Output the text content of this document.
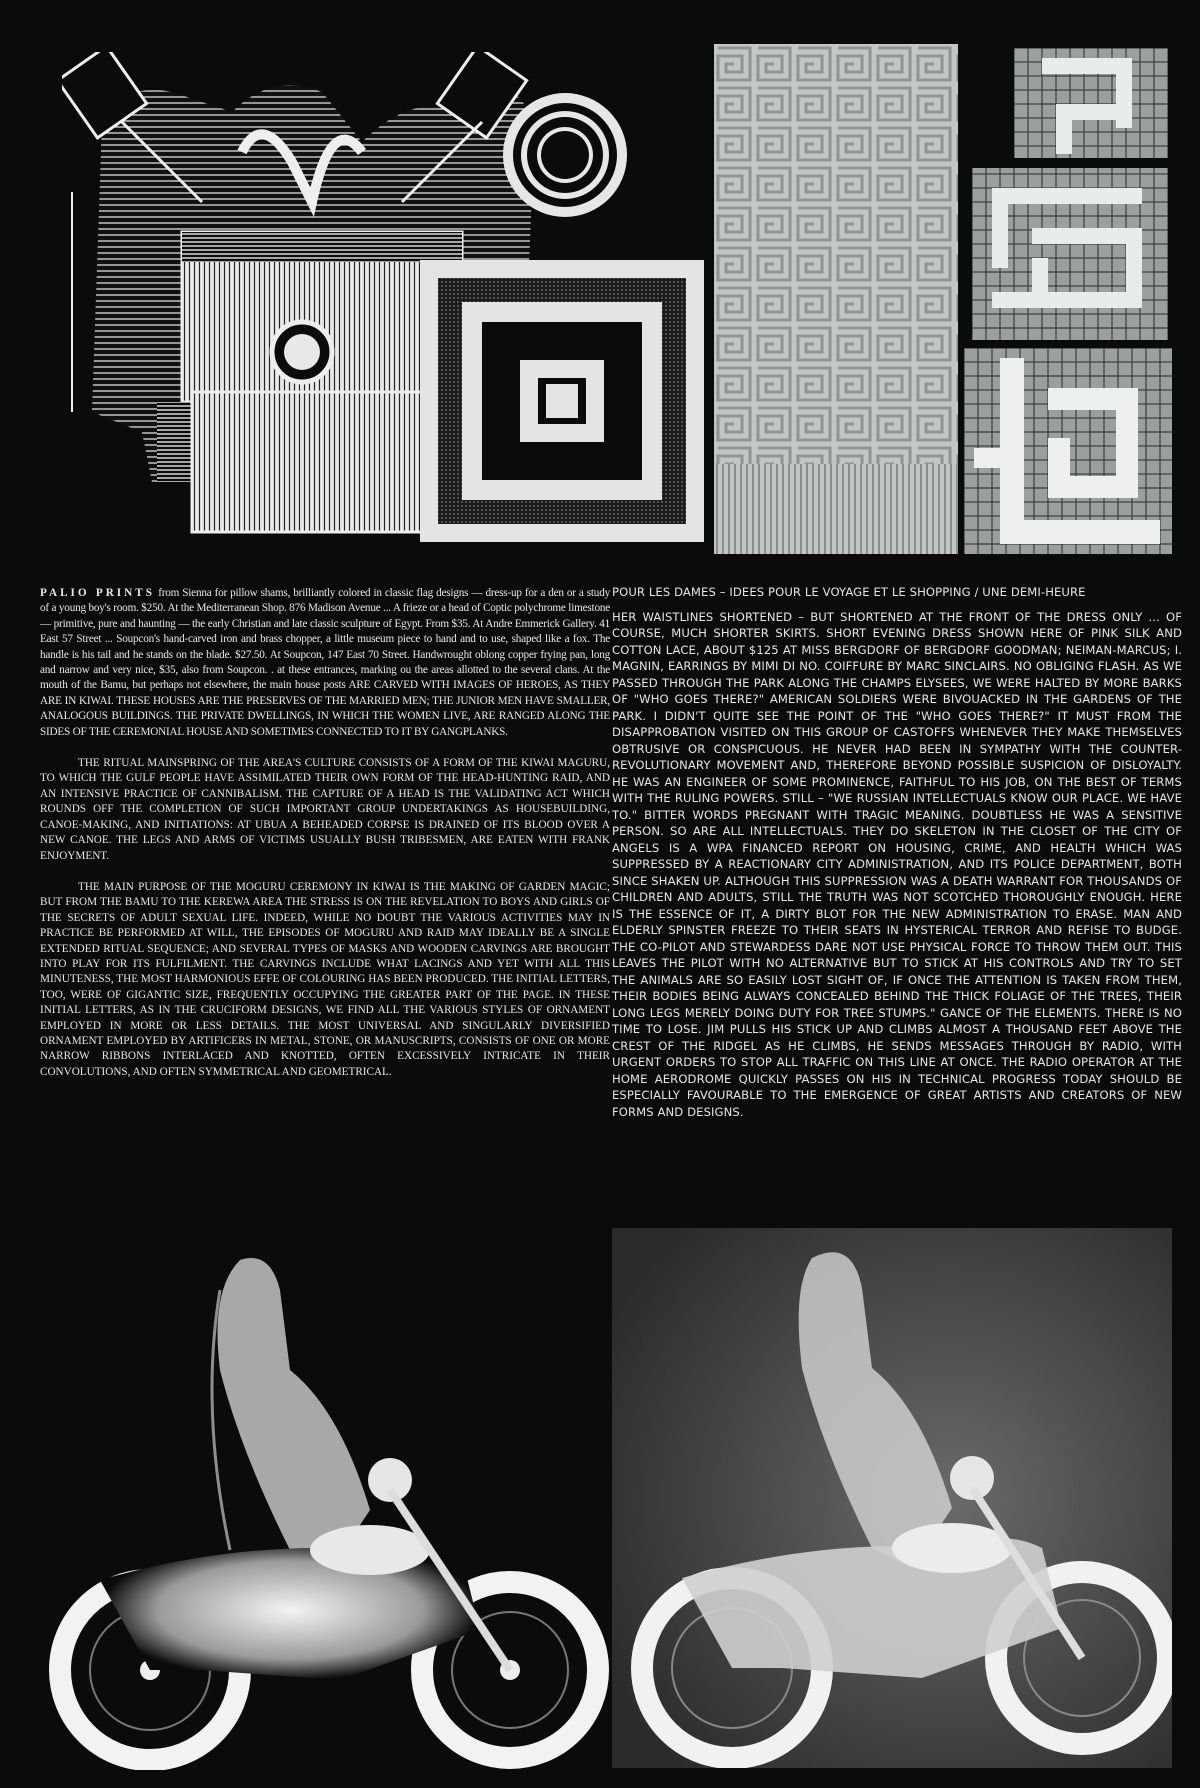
PALIO PRINTS from Sienna for pillow shams, brilliantly colored in classic flag designs — dress-up for a den or a study of a young boy's room. $250. At the Mediterranean Shop. 876 Madison Avenue ... A frieze or a head of Coptic polychrome limestone — primitive, pure and haunting — the early Christian and late classic sculpture of Egypt. From $35. At Andre Emmerick Gallery. 41 East 57 Street ... Soupcon's hand-carved iron and brass chopper, a little museum piece to hand and to use, shaped like a fox. The handle is his tail and he stands on the blade. $27.50. At Soupcon, 147 East 70 Street. Handwrought oblong copper frying pan, long and narrow and very nice, $35, also from Soupcon. . at these entrances, marking ou the areas allotted to the several clans. At the mouth of the Bamu, but perhaps not elsewhere, the main house posts ARE CARVED WITH IMAGES OF HEROES, AS THEY ARE IN KIWAI. THESE HOUSES ARE THE PRESERVES OF THE MARRIED MEN; THE JUNIOR MEN HAVE SMALLER, ANALOGOUS BUILDINGS. THE PRIVATE DWELLINGS, IN WHICH THE WOMEN LIVE, ARE RANGED ALONG THE SIDES OF THE CEREMONIAL HOUSE AND SOMETIMES CONNECTED TO IT BY GANGPLANKS.

THE RITUAL MAINSPRING OF THE AREA'S CULTURE CONSISTS OF A FORM OF THE KIWAI MAGURU, TO WHICH THE GULF PEOPLE HAVE ASSIMILATED THEIR OWN FORM OF THE HEAD-HUNTING RAID, AND AN INTENSIVE PRACTICE OF CANNIBALISM. THE CAPTURE OF A HEAD IS THE VALIDATING ACT WHICH ROUNDS OFF THE COMPLETION OF SUCH IMPORTANT GROUP UNDERTAKINGS AS HOUSEBUILDING, CANOE-MAKING, AND INITIATIONS: AT UBUA A BEHEADED CORPSE IS DRAINED OF ITS BLOOD OVER A NEW CANOE. THE LEGS AND ARMS OF VICTIMS USUALLY BUSH TRIBESMEN, ARE EATEN WITH FRANK ENJOYMENT.

THE MAIN PURPOSE OF THE MOGURU CEREMONY IN KIWAI IS THE MAKING OF GARDEN MAGIC; BUT FROM THE BAMU TO THE KEREWA AREA THE STRESS IS ON THE REVELATION TO BOYS AND GIRLS OF THE SECRETS OF ADULT SEXUAL LIFE. INDEED, WHILE NO DOUBT THE VARIOUS ACTIVITIES MAY IN PRACTICE BE PERFORMED AT WILL, THE EPISODES OF MOGURU AND RAID MAY IDEALLY BE A SINGLE EXTENDED RITUAL SEQUENCE; AND SEVERAL TYPES OF MASKS AND WOODEN CARVINGS ARE BROUGHT INTO PLAY FOR ITS FULFILMENT. THE CARVINGS INCLUDE WHAT LACINGS AND YET WITH ALL THIS MINUTENESS, THE MOST HARMONIOUS EFFE OF COLOURING HAS BEEN PRODUCED. THE INITIAL LETTERS, TOO, WERE OF GIGANTIC SIZE, FREQUENTLY OCCUPYING THE GREATER PART OF THE PAGE. IN THESE INITIAL LETTERS, AS IN THE CRUCIFORM DESIGNS, WE FIND ALL THE VARIOUS STYLES OF ORNAMENT EMPLOYED IN MORE OR LESS DETAILS. THE MOST UNIVERSAL AND SINGULARLY DIVERSIFIED ORNAMENT EMPLOYED BY ARTIFICERS IN METAL, STONE, OR MANUSCRIPTS, CONSISTS OF ONE OR MORE NARROW RIBBONS INTERLACED AND KNOTTED, OFTEN EXCESSIVELY INTRICATE IN THEIR CONVOLUTIONS, AND OFTEN SYMMETRICAL AND GEOMETRICAL.

POUR LES DAMES – IDEES POUR LE VOYAGE ET LE SHOPPING / UNE DEMI-HEURE

HER WAISTLINES SHORTENED – BUT SHORTENED AT THE FRONT OF THE DRESS ONLY ... OF COURSE, MUCH SHORTER SKIRTS. SHORT EVENING DRESS SHOWN HERE OF PINK SILK AND COTTON LACE, ABOUT $125 AT MISS BERGDORF OF BERGDORF GOODMAN; NEIMAN-MARCUS; I. MAGNIN, EARRINGS BY MIMI DI NO. COIFFURE BY MARC SINCLAIRS. NO OBLIGING FLASH. AS WE PASSED THROUGH THE PARK ALONG THE CHAMPS ELYSEES, WE WERE HALTED BY MORE BARKS OF "WHO GOES THERE?" AMERICAN SOLDIERS WERE BIVOUACKED IN THE GARDENS OF THE PARK. I DIDN'T QUITE SEE THE POINT OF THE "WHO GOES THERE?" IT MUST FROM THE DISAPPROBATION VISITED ON THIS GROUP OF CASTOFFS WHENEVER THEY MAKE THEMSELVES OBTRUSIVE OR CONSPICUOUS. HE NEVER HAD BEEN IN SYMPATHY WITH THE COUNTER-REVOLUTIONARY MOVEMENT AND, THEREFORE BEYOND POSSIBLE SUSPICION OF DISLOYALTY. HE WAS AN ENGINEER OF SOME PROMINENCE, FAITHFUL TO HIS JOB, ON THE BEST OF TERMS WITH THE RULING POWERS. STILL – "WE RUSSIAN INTELLECTUALS KNOW OUR PLACE. WE HAVE TO." BITTER WORDS PREGNANT WITH TRAGIC MEANING. DOUBTLESS HE WAS A SENSITIVE PERSON. SO ARE ALL INTELLECTUALS. THEY DO SKELETON IN THE CLOSET OF THE CITY OF ANGELS IS A WPA FINANCED REPORT ON HOUSING, CRIME, AND HEALTH WHICH WAS SUPPRESSED BY A REACTIONARY CITY ADMINISTRATION, AND ITS POLICE DEPARTMENT, BOTH SINCE SHAKEN UP. ALTHOUGH THIS SUPPRESSION WAS A DEATH WARRANT FOR THOUSANDS OF CHILDREN AND ADULTS, STILL THE TRUTH WAS NOT SCOTCHED THOROUGHLY ENOUGH. HERE IS THE ESSENCE OF IT, A DIRTY BLOT FOR THE NEW ADMINISTRATION TO ERASE. MAN AND ELDERLY SPINSTER FREEZE TO THEIR SEATS IN HYSTERICAL TERROR AND REFISE TO BUDGE. THE CO-PILOT AND STEWARDESS DARE NOT USE PHYSICAL FORCE TO THROW THEM OUT. THIS LEAVES THE PILOT WITH NO ALTERNATIVE BUT TO STICK AT HIS CONTROLS AND TRY TO SET THE ANIMALS ARE SO EASILY LOST SIGHT OF, IF ONCE THE ATTENTION IS TAKEN FROM THEM, THEIR BODIES BEING ALWAYS CONCEALED BEHIND THE THICK FOLIAGE OF THE TREES, THEIR LONG LEGS MERELY DOING DUTY FOR TREE STUMPS." GANCE OF THE ELEMENTS. THERE IS NO TIME TO LOSE. JIM PULLS HIS STICK UP AND CLIMBS ALMOST A THOUSAND FEET ABOVE THE CREST OF THE RIDGEL AS HE CLIMBS, HE SENDS MESSAGES THROUGH BY RADIO, WITH URGENT ORDERS TO STOP ALL TRAFFIC ON THIS LINE AT ONCE. THE RADIO OPERATOR AT THE HOME AERODROME QUICKLY PASSES ON HIS IN TECHNICAL PROGRESS TODAY SHOULD BE ESPECIALLY FAVOURABLE TO THE EMERGENCE OF GREAT ARTISTS AND CREATORS OF NEW FORMS AND DESIGNS.
